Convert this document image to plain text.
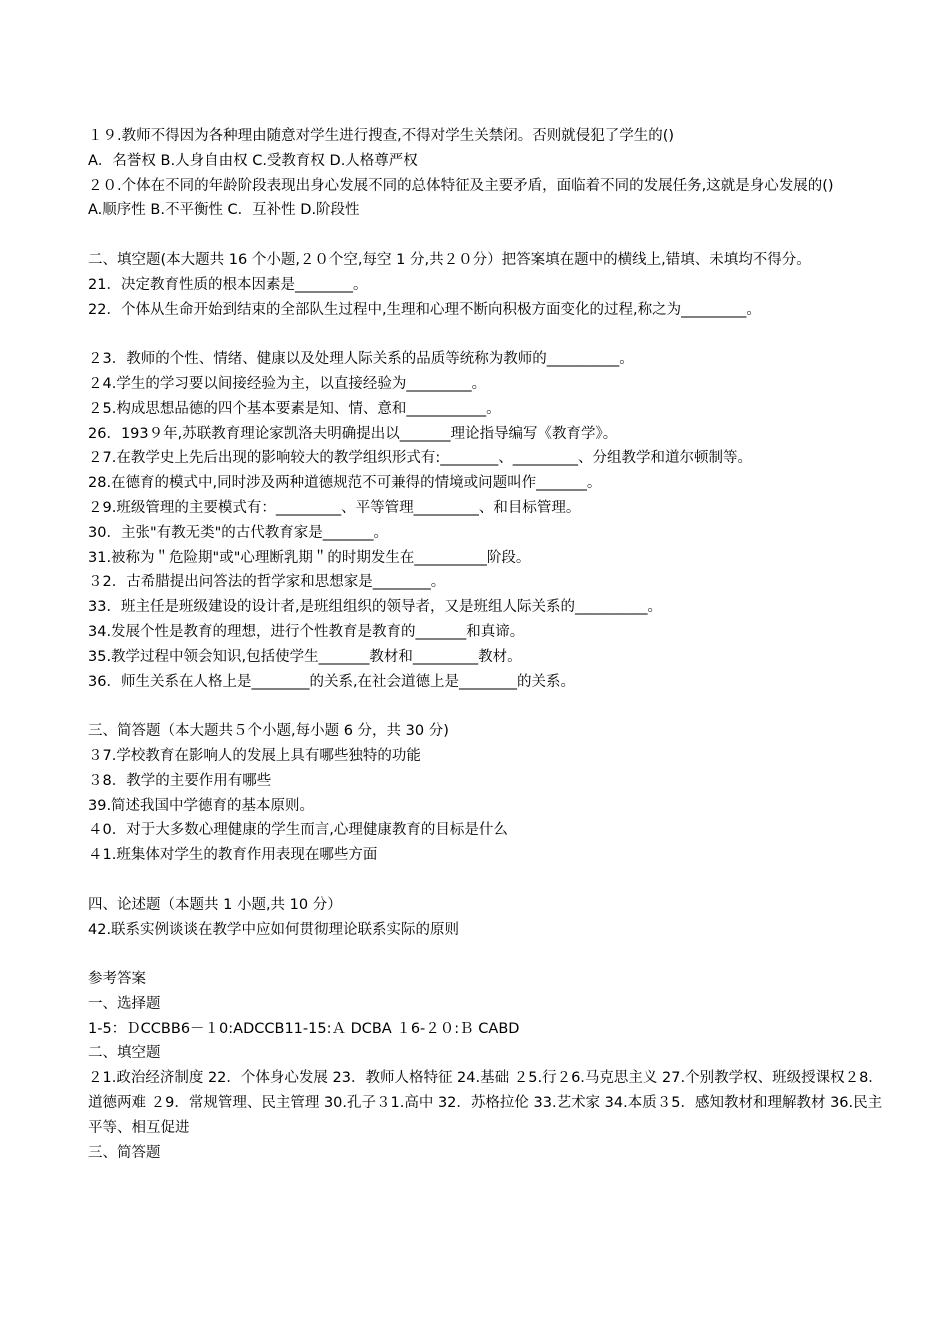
１９.教师不得因为各种理由随意对学生进行搜查,不得对学生关禁闭。否则就侵犯了学生的()
A．名誉权 B.人身自由权 C.受教育权 D.人格尊严权
２０.个体在不同的年龄阶段表现出身心发展不同的总体特征及主要矛盾，面临着不同的发展任务,这就是身心发展的()
A.顺序性 B.不平衡性 C．互补性 D.阶段性
二、填空题(本大题共 16 个小题,２０个空,每空 1 分,共２０分）把答案填在题中的横线上,错填、未填均不得分。
21．决定教育性质的根本因素是________。
22．个体从生命开始到结束的全部队生过程中,生理和心理不断向积极方面变化的过程,称之为_________。
２3．教师的个性、情绪、健康以及处理人际关系的品质等统称为教师的__________。
２4.学生的学习要以间接经验为主，以直接经验为_________。
２5.构成思想品德的四个基本要素是知、情、意和___________。
26．193９年,苏联教育理论家凯洛夫明确提出以_______理论指导编写《教育学》。
２7.在教学史上先后出现的影响较大的教学组织形式有:________、_________、分组教学和道尔顿制等。
28.在德育的模式中,同时涉及两种道德规范不可兼得的情境或问题叫作_______。
２9.班级管理的主要模式有：_________、平等管理_________、和目标管理。
30．主张"有教无类"的古代教育家是_______。
31.被称为＂危险期"或"心理断乳期＂的时期发生在__________阶段。
３2．古希腊提出问答法的哲学家和思想家是________。
33．班主任是班级建设的设计者,是班组组织的领导者，又是班组人际关系的__________。
34.发展个性是教育的理想，进行个性教育是教育的_______和真谛。
35.教学过程中领会知识,包括使学生_______教材和_________教材。
36．师生关系在人格上是________的关系,在社会道德上是________的关系。
三、简答题（本大题共５个小题,每小题 6 分，共 30 分)
３7.学校教育在影响人的发展上具有哪些独特的功能
３8．教学的主要作用有哪些
39.简述我国中学德育的基本原则。
４0．对于大多数心理健康的学生而言,心理健康教育的目标是什么
４1.班集体对学生的教育作用表现在哪些方面
四、论述题（本题共 1 小题,共 10 分）
42.联系实例谈谈在教学中应如何贯彻理论联系实际的原则
参考答案
一、选择题
1-5：ＤCCBB6－１0:ADCCB11-15:Ａ DCBA １6-２０:Ｂ CABD
二、填空题
２1.政治经济制度 22．个体身心发展 23．教师人格特征 24.基础 ２5.行２6.马克思主义 27.个别教学权、班级授课权２8．道德两难 ２9．常规管理、民主管理 30.孔子３1.高中 32．苏格拉伦 33.艺术家 34.本质３5．感知教材和理解教材 36.民主平等、相互促进
三、简答题
